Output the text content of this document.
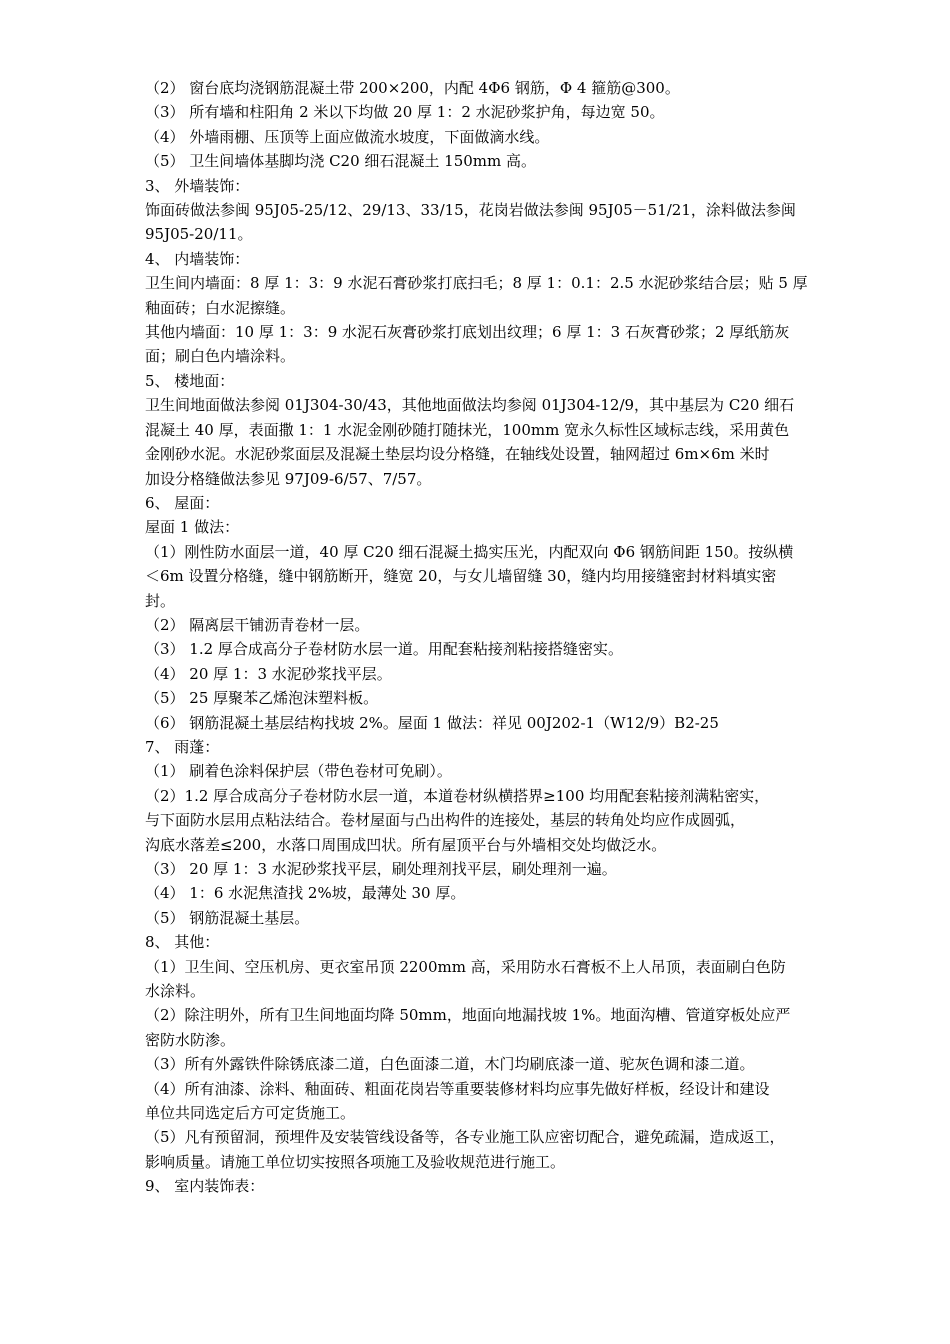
（2） 窗台底均浇钢筋混凝土带 200×200，内配 4Φ6 钢筋，Φ 4 箍筋@300。
（3） 所有墙和柱阳角 2 米以下均做 20 厚 1：2 水泥砂浆护角，每边宽 50。
（4） 外墙雨棚、压顶等上面应做流水坡度，下面做滴水线。
（5） 卫生间墙体基脚均浇 C20 细石混凝土 150mm 高。
3、 外墙装饰：
饰面砖做法参闽 95J05-25/12、29/13、33/15，花岗岩做法参闽 95J05－51/21，涂料做法参闽
95J05-20/11。
4、 内墙装饰：
卫生间内墙面：8 厚 1：3：9 水泥石膏砂浆打底扫毛；8 厚 1：0.1：2.5 水泥砂浆结合层；贴 5 厚
釉面砖；白水泥擦缝。
其他内墙面：10 厚 1：3：9 水泥石灰膏砂浆打底划出纹理；6 厚 1：3 石灰膏砂浆；2 厚纸筋灰
面；刷白色内墙涂料。
5、 楼地面：
卫生间地面做法参阅 01J304-30/43，其他地面做法均参阅 01J304-12/9，其中基层为 C20 细石
混凝土 40 厚，表面撒 1：1 水泥金刚砂随打随抹光，100mm 宽永久标性区域标志线，采用黄色
金刚砂水泥。水泥砂浆面层及混凝土垫层均设分格缝，在轴线处设置，轴网超过 6m×6m 米时
加设分格缝做法参见 97J09-6/57、7/57。
6、 屋面：
屋面 1 做法：
（1）刚性防水面层一道，40 厚 C20 细石混凝土捣实压光，内配双向 Φ6 钢筋间距 150。按纵横
＜6m 设置分格缝，缝中钢筋断开，缝宽 20，与女儿墙留缝 30，缝内均用接缝密封材料填实密
封。
（2） 隔离层干铺沥青卷材一层。
（3） 1.2 厚合成高分子卷材防水层一道。用配套粘接剂粘接搭缝密实。
（4） 20 厚 1：3 水泥砂浆找平层。
（5） 25 厚聚苯乙烯泡沫塑料板。
（6） 钢筋混凝土基层结构找坡 2%。屋面 1 做法：祥见 00J202-1（W12/9）B2-25
7、 雨蓬：
（1） 刷着色涂料保护层（带色卷材可免刷）。
（2）1.2 厚合成高分子卷材防水层一道，本道卷材纵横搭界≥100 均用配套粘接剂满粘密实，
与下面防水层用点粘法结合。卷材屋面与凸出构件的连接处，基层的转角处均应作成圆弧，
沟底水落差≤200，水落口周围成凹状。所有屋顶平台与外墙相交处均做泛水。
（3） 20 厚 1：3 水泥砂浆找平层，刷处理剂找平层，刷处理剂一遍。
（4） 1：6 水泥焦渣找 2%坡，最薄处 30 厚。
（5） 钢筋混凝土基层。
8、 其他：
（1）卫生间、空压机房、更衣室吊顶 2200mm 高，采用防水石膏板不上人吊顶，表面刷白色防
水涂料。
（2）除注明外，所有卫生间地面均降 50mm，地面向地漏找坡 1%。地面沟槽、管道穿板处应严
密防水防渗。
（3）所有外露铁件除锈底漆二道，白色面漆二道，木门均刷底漆一道、驼灰色调和漆二道。
（4）所有油漆、涂料、釉面砖、粗面花岗岩等重要装修材料均应事先做好样板，经设计和建设
单位共同选定后方可定货施工。
（5）凡有预留洞，预埋件及安装管线设备等，各专业施工队应密切配合，避免疏漏，造成返工，
影响质量。请施工单位切实按照各项施工及验收规范进行施工。
9、 室内装饰表：
